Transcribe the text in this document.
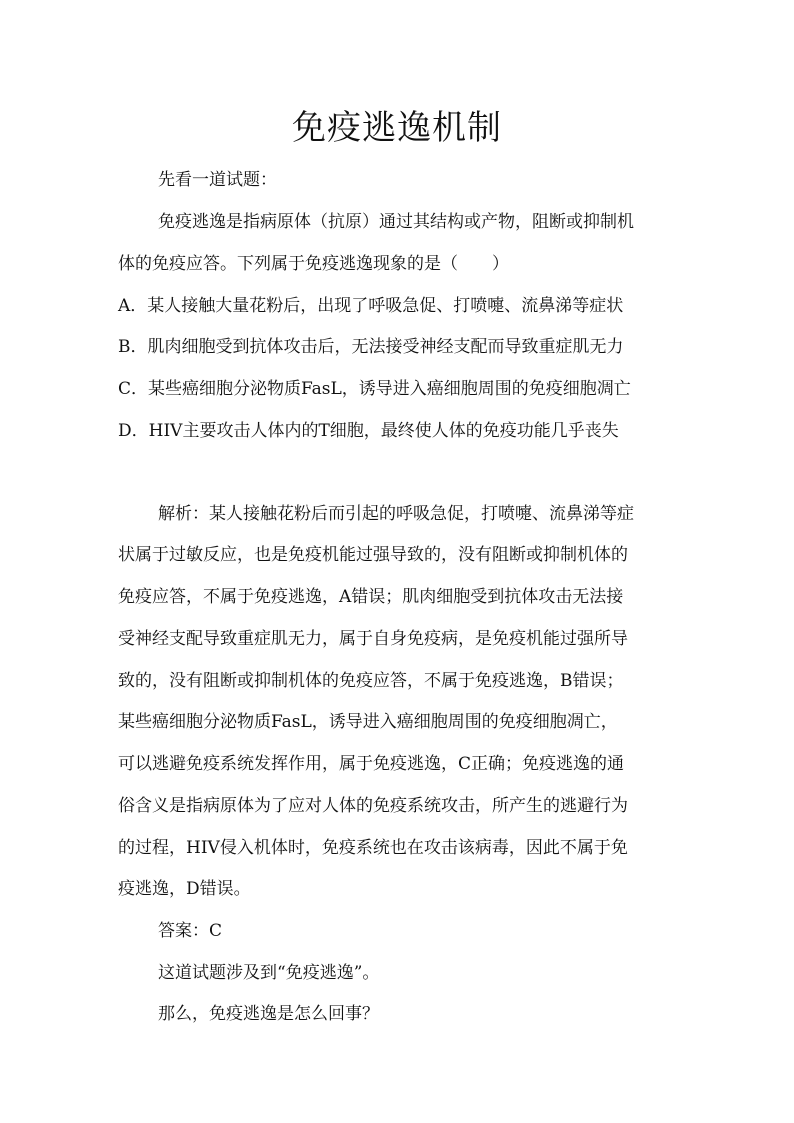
免疫逃逸机制
先看一道试题：
免疫逃逸是指病原体（抗原）通过其结构或产物，阻断或抑制机
体的免疫应答。下列属于免疫逃逸现象的是（　　）
A．某人接触大量花粉后，出现了呼吸急促、打喷嚏、流鼻涕等症状
B．肌肉细胞受到抗体攻击后，无法接受神经支配而导致重症肌无力
C．某些癌细胞分泌物质FasL，诱导进入癌细胞周围的免疫细胞凋亡
D．HIV主要攻击人体内的T细胞，最终使人体的免疫功能几乎丧失
解析：某人接触花粉后而引起的呼吸急促，打喷嚏、流鼻涕等症
状属于过敏反应，也是免疫机能过强导致的，没有阻断或抑制机体的
免疫应答，不属于免疫逃逸，A错误；肌肉细胞受到抗体攻击无法接
受神经支配导致重症肌无力，属于自身免疫病，是免疫机能过强所导
致的，没有阻断或抑制机体的免疫应答，不属于免疫逃逸，B错误；
某些癌细胞分泌物质FasL，诱导进入癌细胞周围的免疫细胞凋亡，
可以逃避免疫系统发挥作用，属于免疫逃逸，C正确；免疫逃逸的通
俗含义是指病原体为了应对人体的免疫系统攻击，所产生的逃避行为
的过程，HIV侵入机体时，免疫系统也在攻击该病毒，因此不属于免
疫逃逸，D错误。
答案：C
这道试题涉及到“免疫逃逸”。
那么，免疫逃逸是怎么回事？
